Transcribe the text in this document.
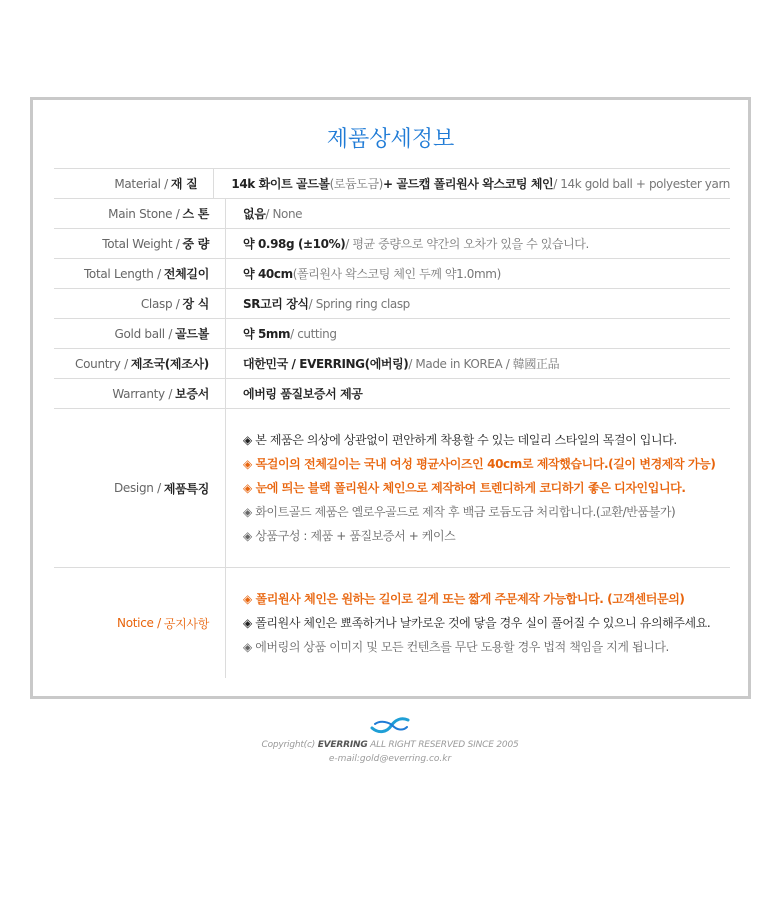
제품상세정보
Material / 재 질	14k 화이트 골드볼 (로듐도금) + 골드캡 폴리원사 왁스코팅 체인 / 14k gold ball + polyester yarn
Main Stone / 스 톤	없음 / None
Total Weight / 중 량	약 0.98g (±10%) / 평균 중량으로 약간의 오차가 있을 수 있습니다.
Total Length / 전체길이	약 40cm (폴리원사 왁스코팅 체인 두께 약1.0mm)
Clasp / 장 식	SR고리 장식 / Spring ring clasp
Gold ball / 골드볼	약 5mm / cutting
Country / 제조국(제조사)	대한민국 / EVERRING(에버링) / Made in KOREA / 韓國正品
Warranty / 보증서	에버링 품질보증서 제공
Design / 제품특징
◈ 본 제품은 의상에 상관없이 편안하게 착용할 수 있는 데일리 스타일의 목걸이 입니다.
◈ 목걸이의 전체길이는 국내 여성 평균사이즈인 40cm로 제작했습니다.(길이 변경제작 가능)
◈ 눈에 띄는 블랙 폴리원사 체인으로 제작하여 트렌디하게 코디하기 좋은 디자인입니다.
◈ 화이트골드 제품은 옐로우골드로 제작 후 백금 로듐도금 처리합니다.(교환/반품불가)
◈ 상품구성 : 제품 + 품질보증서 + 케이스
Notice / 공지사항
◈ 폴리원사 체인은 원하는 길이로 길게 또는 짧게 주문제작 가능합니다. (고객센터문의)
◈ 폴리원사 체인은 뾰족하거나 날카로운 것에 닿을 경우 실이 풀어질 수 있으니 유의해주세요.
◈ 에버링의 상품 이미지 및 모든 컨텐츠를 무단 도용할 경우 법적 책임을 지게 됩니다.
Copyright(c) EVERRING ALL RIGHT RESERVED SINCE 2005
e-mail:gold@everring.co.kr
